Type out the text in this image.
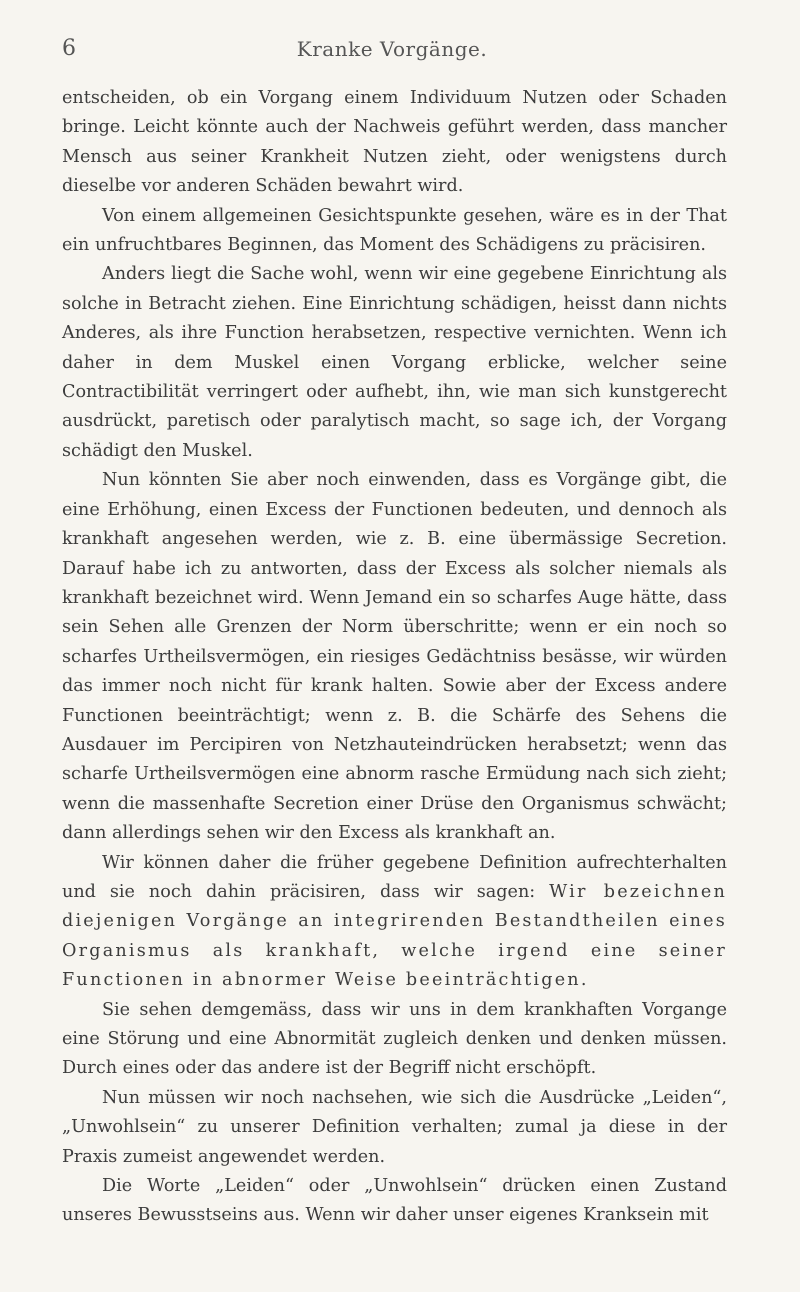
6	Kranke Vorgänge.

entscheiden, ob ein Vorgang einem Individuum Nutzen oder Schaden bringe. Leicht könnte auch der Nachweis geführt werden, dass mancher Mensch aus seiner Krankheit Nutzen zieht, oder wenigstens durch dieselbe vor anderen Schäden bewahrt wird.

Von einem allgemeinen Gesichtspunkte gesehen, wäre es in der That ein unfruchtbares Beginnen, das Moment des Schädigens zu präcisiren.

Anders liegt die Sache wohl, wenn wir eine gegebene Einrichtung als solche in Betracht ziehen. Eine Einrichtung schädigen, heisst dann nichts Anderes, als ihre Function herabsetzen, respective vernichten. Wenn ich daher in dem Muskel einen Vorgang erblicke, welcher seine Contractibilität verringert oder aufhebt, ihn, wie man sich kunstgerecht ausdrückt, paretisch oder paralytisch macht, so sage ich, der Vorgang schädigt den Muskel.

Nun könnten Sie aber noch einwenden, dass es Vorgänge gibt, die eine Erhöhung, einen Excess der Functionen bedeuten, und dennoch als krankhaft angesehen werden, wie z. B. eine übermässige Secretion. Darauf habe ich zu antworten, dass der Excess als solcher niemals als krankhaft bezeichnet wird. Wenn Jemand ein so scharfes Auge hätte, dass sein Sehen alle Grenzen der Norm überschritte; wenn er ein noch so scharfes Urtheilsvermögen, ein riesiges Gedächtniss besässe, wir würden das immer noch nicht für krank halten. Sowie aber der Excess andere Functionen beeinträchtigt; wenn z. B. die Schärfe des Sehens die Ausdauer im Percipiren von Netzhauteindrücken herabsetzt; wenn das scharfe Urtheilsvermögen eine abnorm rasche Ermüdung nach sich zieht; wenn die massenhafte Secretion einer Drüse den Organismus schwächt; dann allerdings sehen wir den Excess als krankhaft an.

Wir können daher die früher gegebene Definition aufrechterhalten und sie noch dahin präcisiren, dass wir sagen: Wir bezeichnen diejenigen Vorgänge an integrirenden Bestandtheilen eines Organismus als krankhaft, welche irgend eine seiner Functionen in abnormer Weise beeinträchtigen.

Sie sehen demgemäss, dass wir uns in dem krankhaften Vorgange eine Störung und eine Abnormität zugleich denken und denken müssen. Durch eines oder das andere ist der Begriff nicht erschöpft.

Nun müssen wir noch nachsehen, wie sich die Ausdrücke „Leiden“, „Unwohlsein“ zu unserer Definition verhalten; zumal ja diese in der Praxis zumeist angewendet werden.

Die Worte „Leiden“ oder „Unwohlsein“ drücken einen Zustand unseres Bewusstseins aus. Wenn wir daher unser eigenes Kranksein mit
